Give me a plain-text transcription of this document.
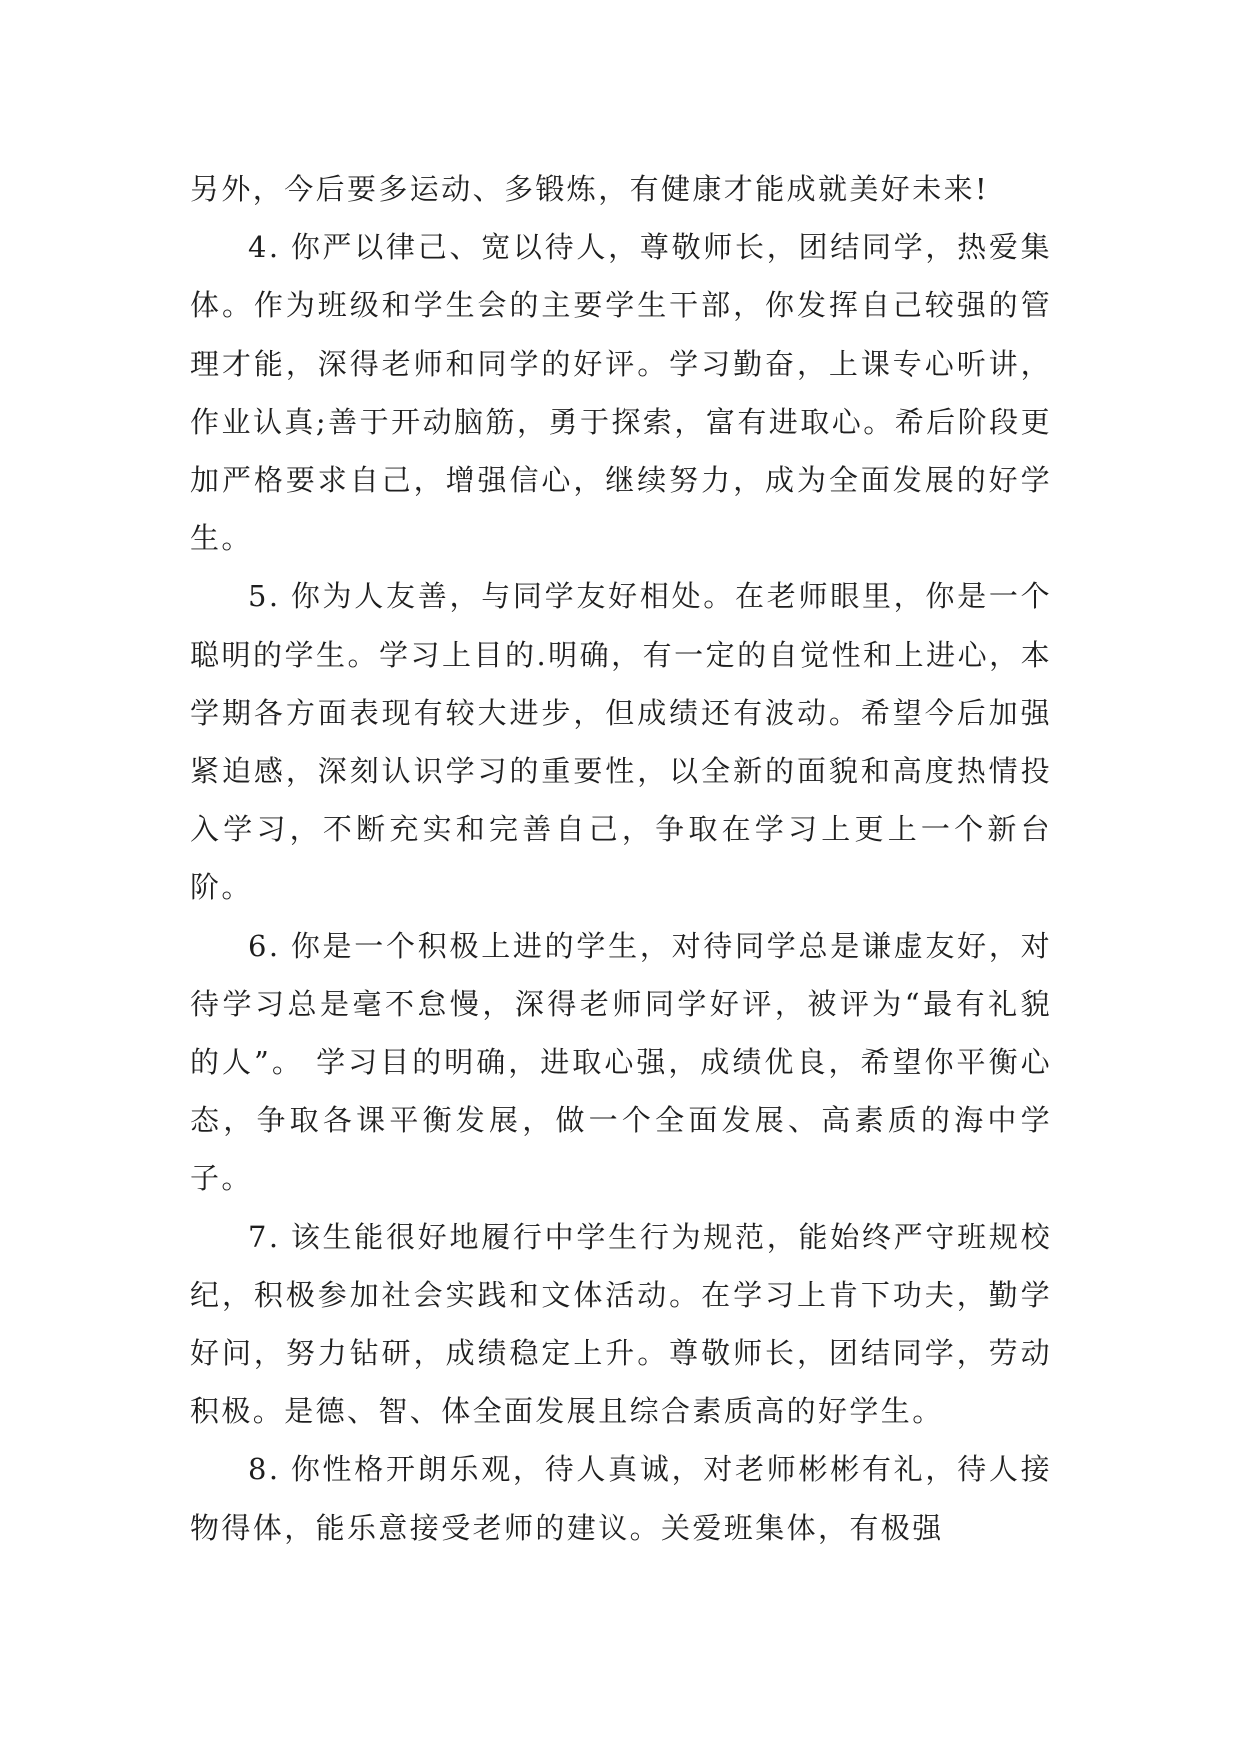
另外，今后要多运动、多锻炼，有健康才能成就美好未来!

4. 你严以律己、宽以待人，尊敬师长，团结同学，热爱集体。作为班级和学生会的主要学生干部，你发挥自己较强的管理才能，深得老师和同学的好评。学习勤奋，上课专心听讲，作业认真;善于开动脑筋，勇于探索，富有进取心。希后阶段更加严格要求自己，增强信心，继续努力，成为全面发展的好学生。

5. 你为人友善，与同学友好相处。在老师眼里，你是一个聪明的学生。学习上目的.明确，有一定的自觉性和上进心，本学期各方面表现有较大进步，但成绩还有波动。希望今后加强紧迫感，深刻认识学习的重要性，以全新的面貌和高度热情投入学习，不断充实和完善自己，争取在学习上更上一个新台阶。

6. 你是一个积极上进的学生，对待同学总是谦虚友好，对待学习总是毫不怠慢，深得老师同学好评，被评为“最有礼貌的人”。 学习目的明确，进取心强，成绩优良，希望你平衡心态，争取各课平衡发展，做一个全面发展、高素质的海中学子。

7. 该生能很好地履行中学生行为规范，能始终严守班规校纪，积极参加社会实践和文体活动。在学习上肯下功夫，勤学好问，努力钻研，成绩稳定上升。尊敬师长，团结同学，劳动积极。是德、智、体全面发展且综合素质高的好学生。

8. 你性格开朗乐观，待人真诚，对老师彬彬有礼，待人接物得体，能乐意接受老师的建议。关爱班集体，有极强
